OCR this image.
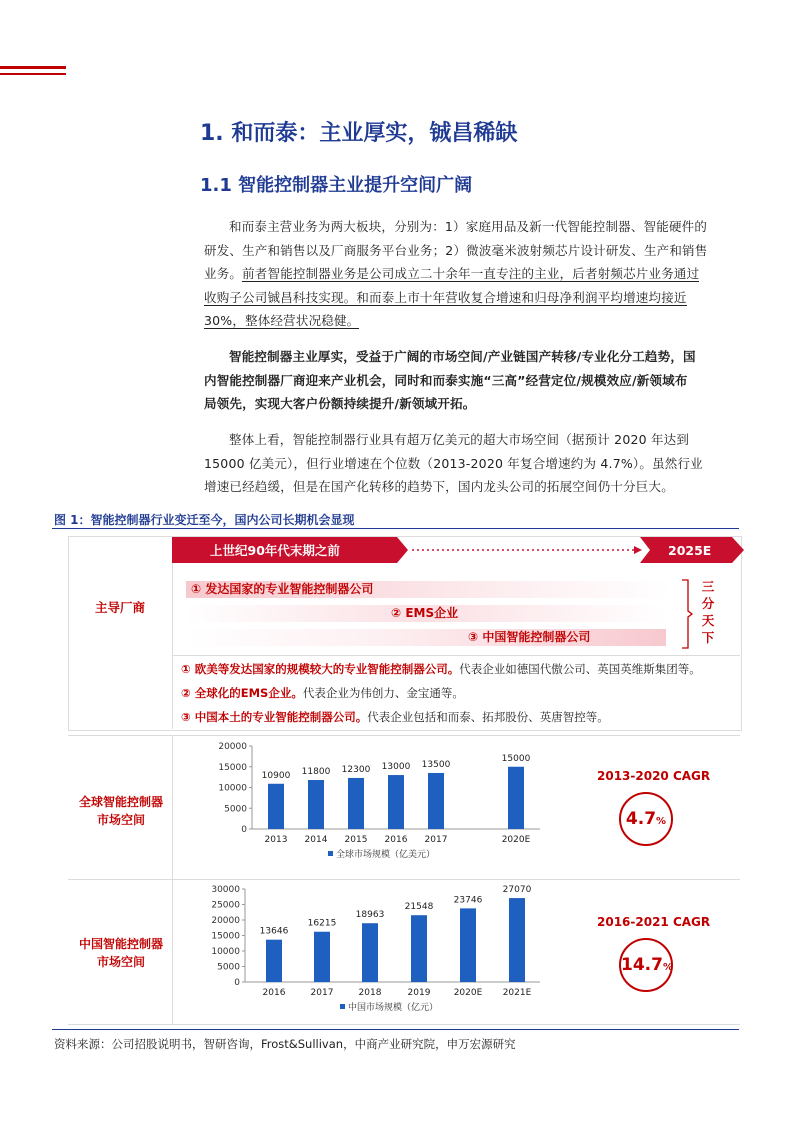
1. 和而泰：主业厚实，铖昌稀缺
1.1 智能控制器主业提升空间广阔
和而泰主营业务为两大板块，分别为：1）家庭用品及新一代智能控制器、智能硬件的
研发、生产和销售以及厂商服务平台业务；2）微波毫米波射频芯片设计研发、生产和销售
业务。前者智能控制器业务是公司成立二十余年一直专注的主业，后者射频芯片业务通过
收购子公司铖昌科技实现。和而泰上市十年营收复合增速和归母净利润平均增速均接近
30%，整体经营状况稳健。
智能控制器主业厚实，受益于广阔的市场空间/产业链国产转移/专业化分工趋势，国
内智能控制器厂商迎来产业机会，同时和而泰实施“三高”经营定位/规模效应/新领域布
局领先，实现大客户份额持续提升/新领域开拓。
整体上看，智能控制器行业具有超万亿美元的超大市场空间（据预计 2020 年达到
15000 亿美元），但行业增速在个位数（2013-2020 年复合增速约为 4.7%）。虽然行业
增速已经趋缓，但是在国产化转移的趋势下，国内龙头公司的拓展空间仍十分巨大。
图 1：智能控制器行业变迁至今，国内公司长期机会显现
上世纪90年代末期之前	2025E
主导厂商
① 发达国家的专业智能控制器公司
② EMS企业
③ 中国智能控制器公司
三
分
天
下
① 欧美等发达国家的规模较大的专业智能控制器公司。代表企业如德国代傲公司、英国英维斯集团等。
② 全球化的EMS企业。代表企业为伟创力、金宝通等。
③ 中国本土的专业智能控制器公司。代表企业包括和而泰、拓邦股份、英唐智控等。
全球智能控制器
市场空间
0
5000
10000
15000
20000
10900
2013
11800
2014
12300
2015
13000
2016
13500
2017
15000
2020E
全球市场规模（亿美元）
2013-2020 CAGR
4.7%
中国智能控制器
市场空间
0
5000
10000
15000
20000
25000
30000
13646
2016
16215
2017
18963
2018
21548
2019
23746
2020E
27070
2021E
中国市场规模（亿元）
2016-2021 CAGR
14.7%
资料来源：公司招股说明书，智研咨询，Frost&Sullivan，中商产业研究院，申万宏源研究
